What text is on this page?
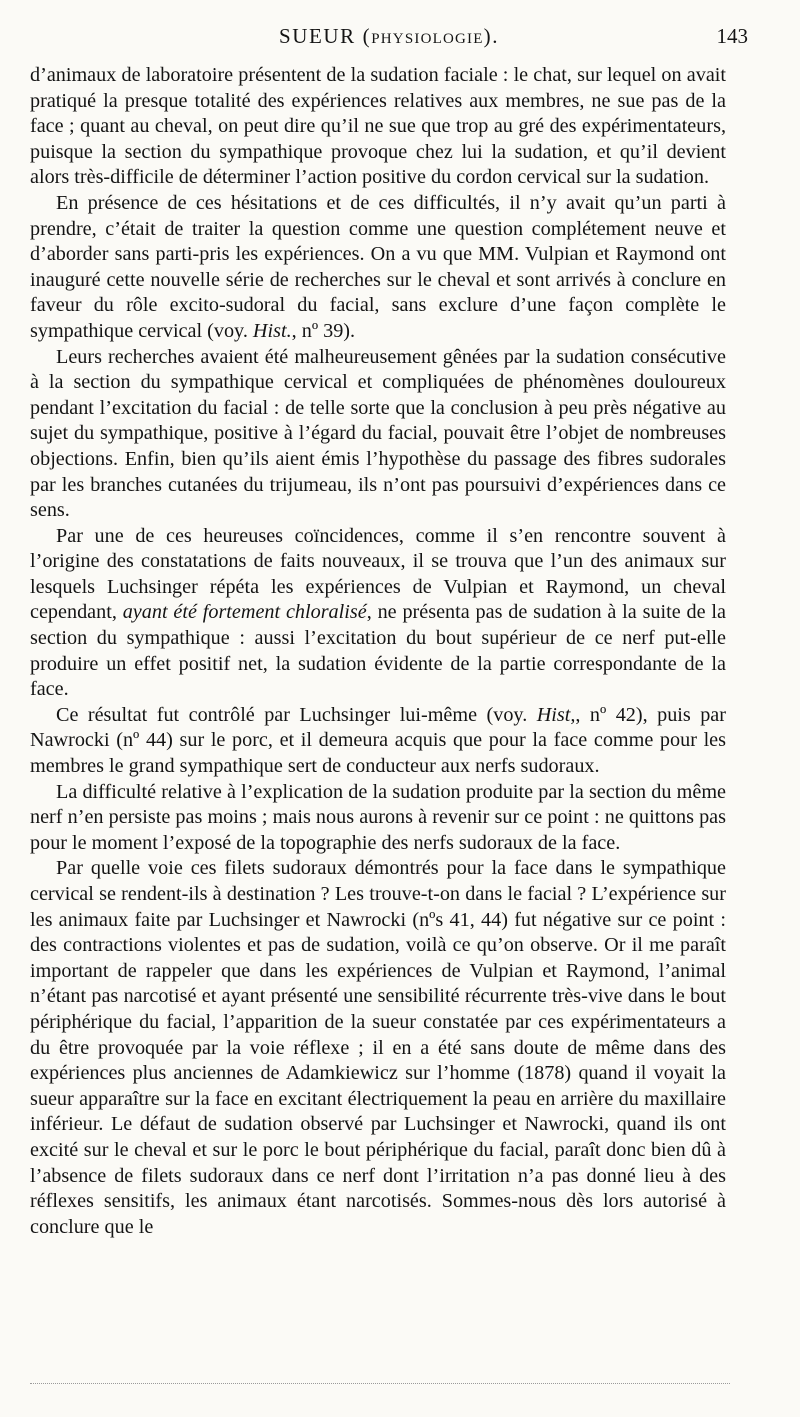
SUEUR (PHYSIOLOGIE).	143

d’animaux de laboratoire présentent de la sudation faciale : le chat, sur lequel on avait pratiqué la presque totalité des expériences relatives aux membres, ne sue pas de la face ; quant au cheval, on peut dire qu’il ne sue que trop au gré des expérimentateurs, puisque la section du sympathique provoque chez lui la sudation, et qu’il devient alors très-difficile de déterminer l’action positive du cordon cervical sur la sudation.

En présence de ces hésitations et de ces difficultés, il n’y avait qu’un parti à prendre, c’était de traiter la question comme une question complétement neuve et d’aborder sans parti-pris les expériences. On a vu que MM. Vulpian et Raymond ont inauguré cette nouvelle série de recherches sur le cheval et sont arrivés à conclure en faveur du rôle excito-sudoral du facial, sans exclure d’une façon complète le sympathique cervical (voy. Hist., nº 39).

Leurs recherches avaient été malheureusement gênées par la sudation consécutive à la section du sympathique cervical et compliquées de phénomènes douloureux pendant l’excitation du facial : de telle sorte que la conclusion à peu près négative au sujet du sympathique, positive à l’égard du facial, pouvait être l’objet de nombreuses objections. Enfin, bien qu’ils aient émis l’hypothèse du passage des fibres sudorales par les branches cutanées du trijumeau, ils n’ont pas poursuivi d’expériences dans ce sens.

Par une de ces heureuses coïncidences, comme il s’en rencontre souvent à l’origine des constatations de faits nouveaux, il se trouva que l’un des animaux sur lesquels Luchsinger répéta les expériences de Vulpian et Raymond, un cheval cependant, ayant été fortement chloralisé, ne présenta pas de sudation à la suite de la section du sympathique : aussi l’excitation du bout supérieur de ce nerf put-elle produire un effet positif net, la sudation évidente de la partie correspondante de la face.

Ce résultat fut contrôlé par Luchsinger lui-même (voy. Hist,, nº 42), puis par Nawrocki (nº 44) sur le porc, et il demeura acquis que pour la face comme pour les membres le grand sympathique sert de conducteur aux nerfs sudoraux.

La difficulté relative à l’explication de la sudation produite par la section du même nerf n’en persiste pas moins ; mais nous aurons à revenir sur ce point : ne quittons pas pour le moment l’exposé de la topographie des nerfs sudoraux de la face.

Par quelle voie ces filets sudoraux démontrés pour la face dans le sympathique cervical se rendent-ils à destination ? Les trouve-t-on dans le facial ? L’expérience sur les animaux faite par Luchsinger et Nawrocki (nºs 41, 44) fut négative sur ce point : des contractions violentes et pas de sudation, voilà ce qu’on observe. Or il me paraît important de rappeler que dans les expériences de Vulpian et Raymond, l’animal n’étant pas narcotisé et ayant présenté une sensibilité récurrente très-vive dans le bout périphérique du facial, l’apparition de la sueur constatée par ces expérimentateurs a du être provoquée par la voie réflexe ; il en a été sans doute de même dans des expériences plus anciennes de Adamkiewicz sur l’homme (1878) quand il voyait la sueur apparaître sur la face en excitant électriquement la peau en arrière du maxillaire inférieur. Le défaut de sudation observé par Luchsinger et Nawrocki, quand ils ont excité sur le cheval et sur le porc le bout périphérique du facial, paraît donc bien dû à l’absence de filets sudoraux dans ce nerf dont l’irritation n’a pas donné lieu à des réflexes sensitifs, les animaux étant narcotisés. Sommes-nous dès lors autorisé à conclure que le
